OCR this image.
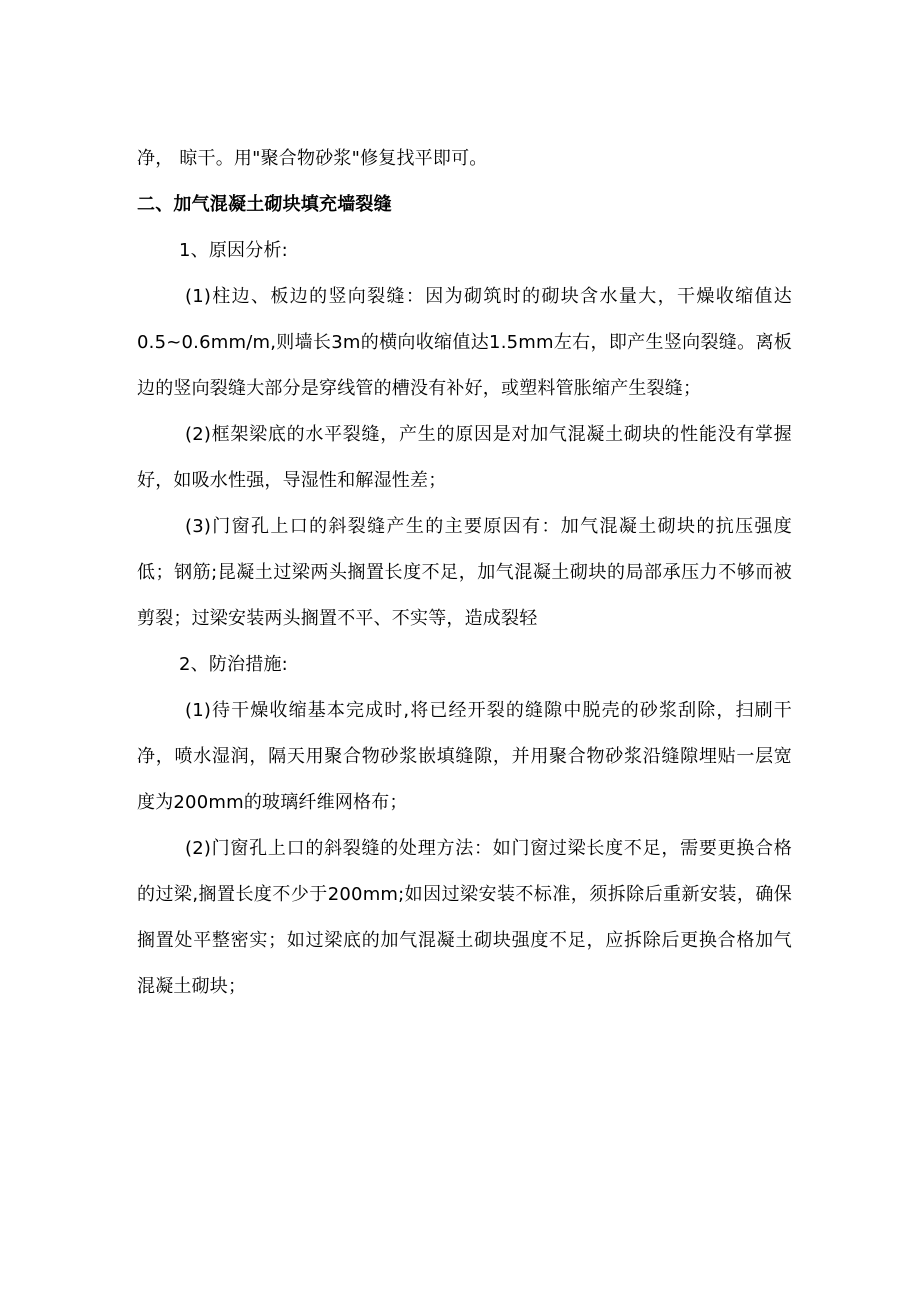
净， 晾干。用"聚合物砂浆"修复找平即可。

二、加气混凝土砌块填充墙裂缝

1、原因分析:

(1)柱边、板边的竖向裂缝：因为砌筑时的砌块含水量大，干燥收缩值达0.5~0.6mm/m,则墙长3m的横向收缩值达1.5mm左右，即产生竖向裂缝。离板边的竖向裂缝大部分是穿线管的槽没有补好，或塑料管胀缩产生裂缝；

(2)框架梁底的水平裂缝，产生的原因是对加气混凝土砌块的性能没有掌握好，如吸水性强，导湿性和解湿性差；

(3)门窗孔上口的斜裂缝产生的主要原因有：加气混凝土砌块的抗压强度低；钢筋;昆凝土过梁两头搁置长度不足，加气混凝土砌块的局部承压力不够而被剪裂；过梁安装两头搁置不平、不实等，造成裂轻

2、防治措施:

(1)待干燥收缩基本完成时,将已经开裂的缝隙中脱壳的砂浆刮除，扫刷干净，喷水湿润，隔天用聚合物砂浆嵌填缝隙，并用聚合物砂浆沿缝隙埋贴一层宽度为200mm的玻璃纤维网格布；

(2)门窗孔上口的斜裂缝的处理方法：如门窗过梁长度不足，需要更换合格的过梁,搁置长度不少于200mm;如因过梁安装不标准，须拆除后重新安装，确保搁置处平整密实；如过梁底的加气混凝土砌块强度不足，应拆除后更换合格加气混凝土砌块；
